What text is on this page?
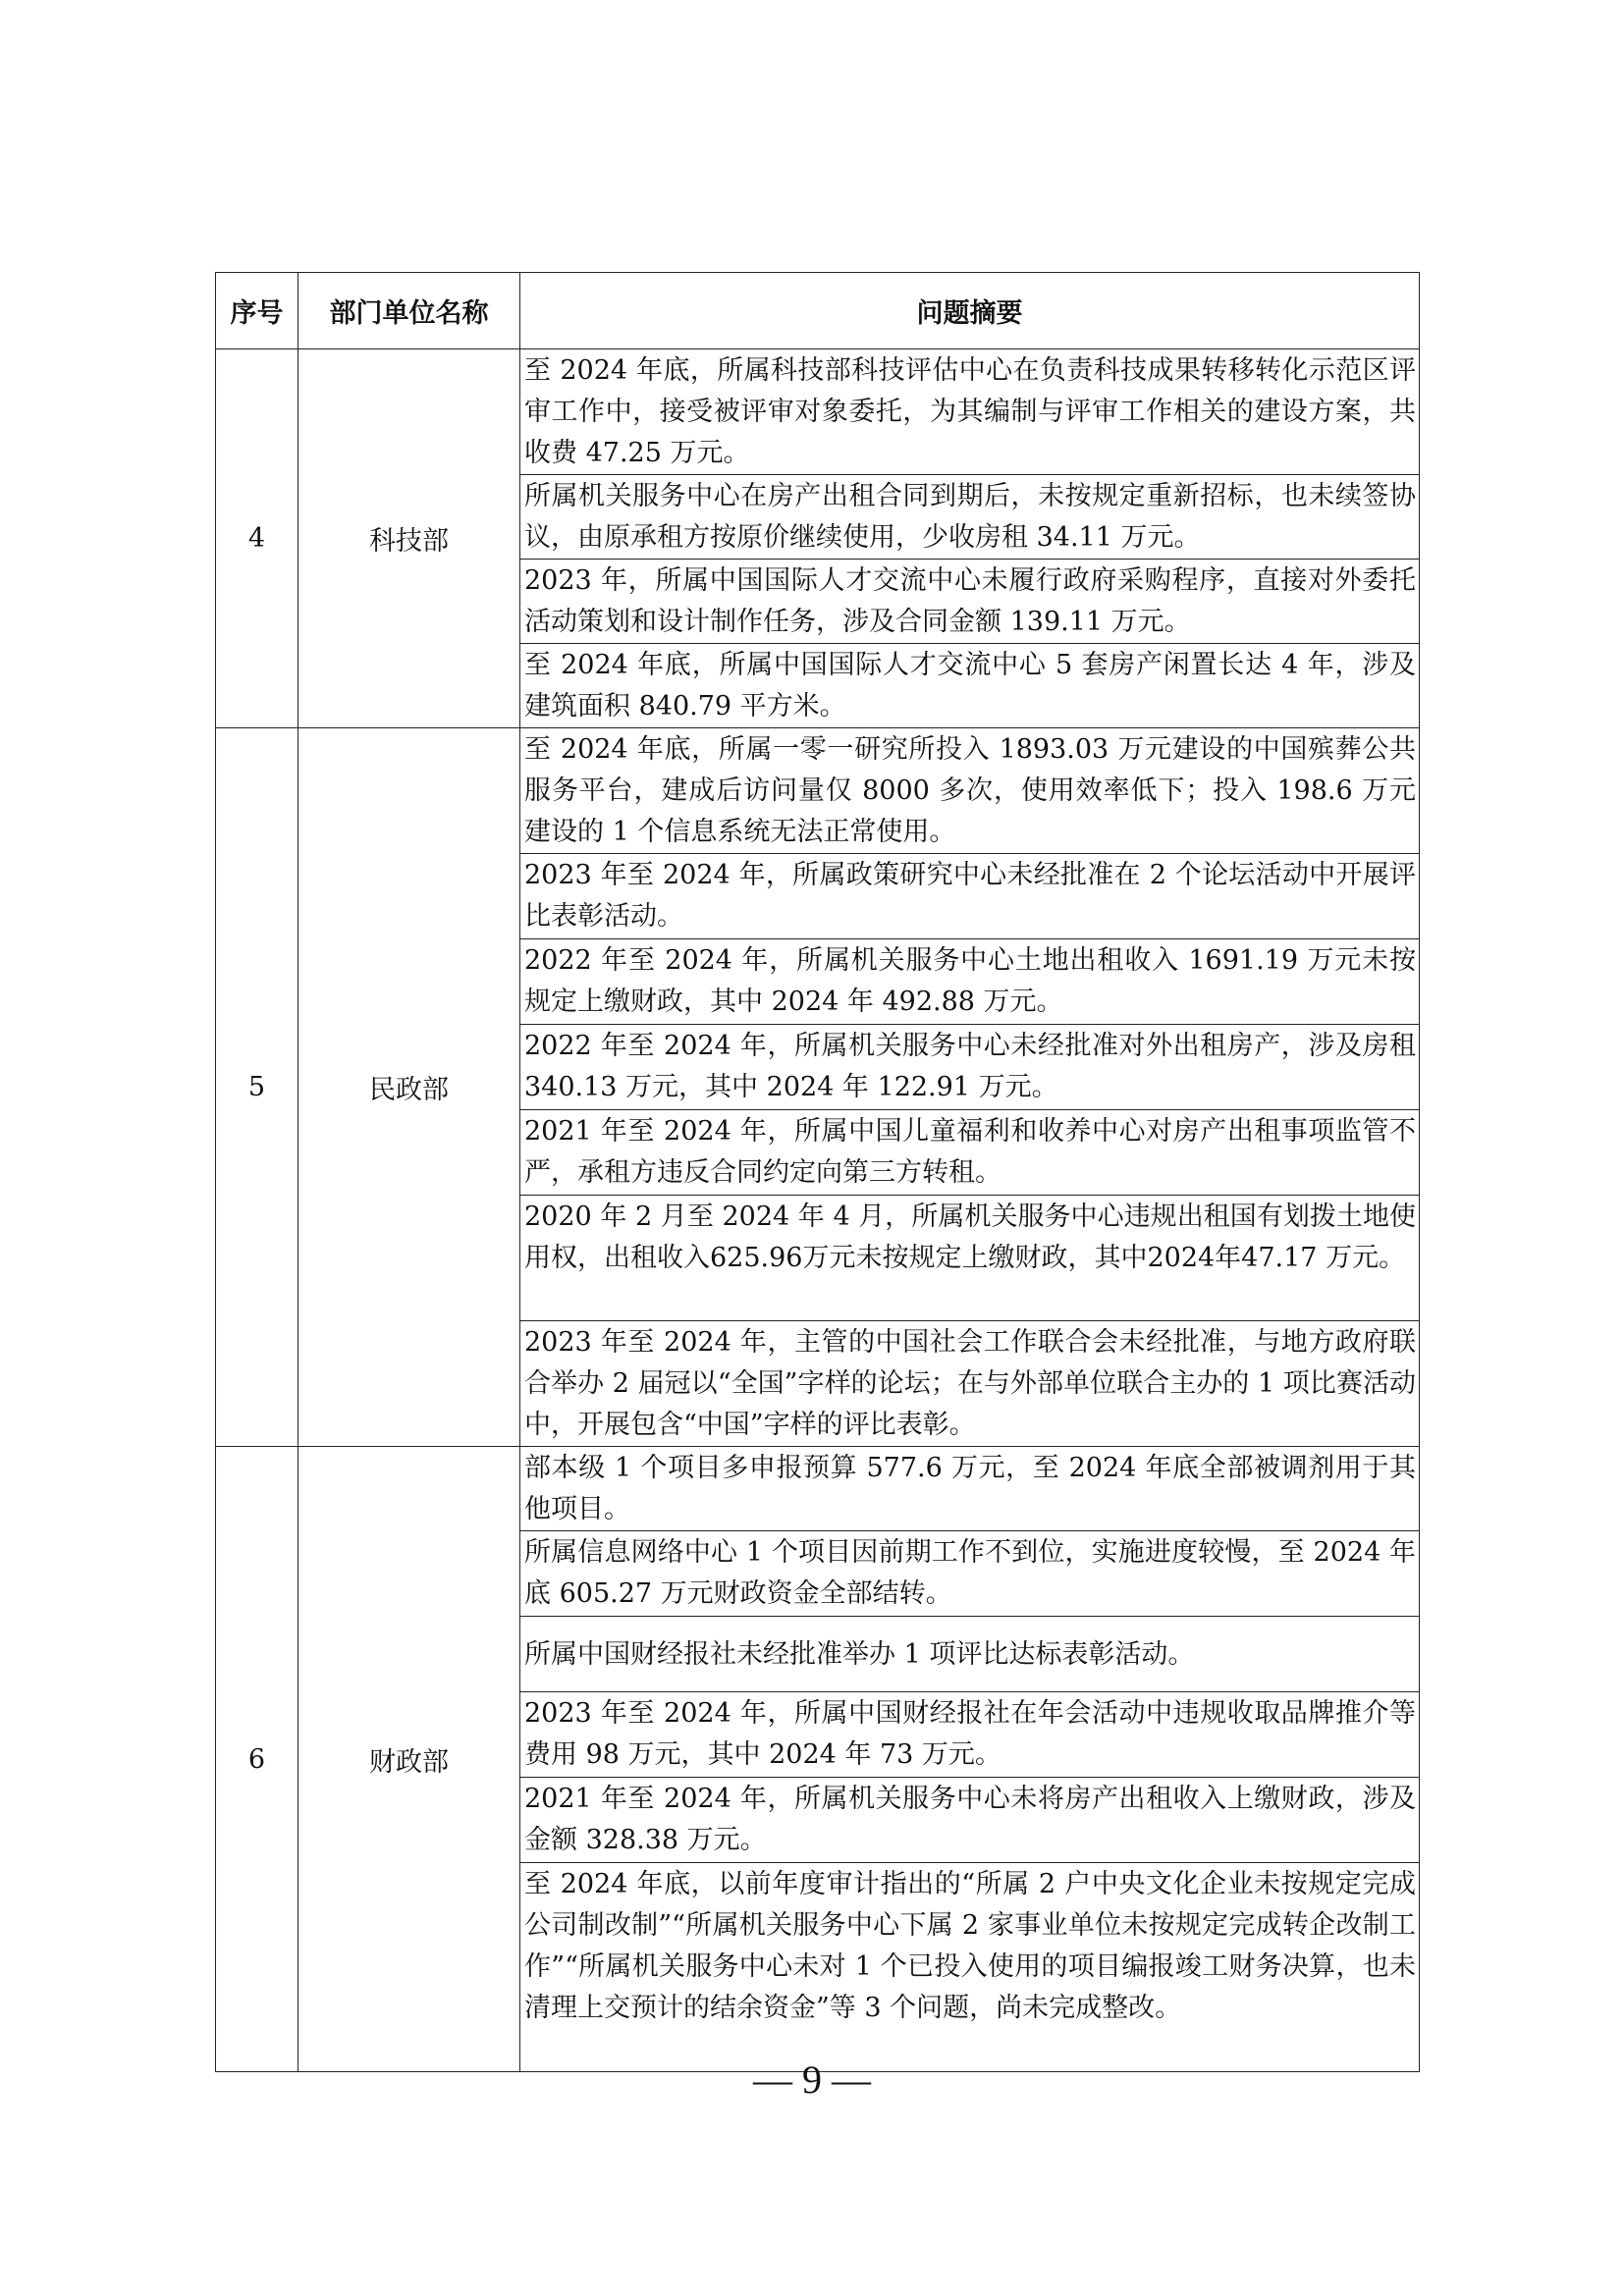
序号	部门单位名称	问题摘要
4	科技部	至 2024 年底，所属科技部科技评估中心在负责科技成果转移转化示范区评审工作中，接受被评审对象委托，为其编制与评审工作相关的建设方案，共收费 47.25 万元。
		所属机关服务中心在房产出租合同到期后，未按规定重新招标，也未续签协议，由原承租方按原价继续使用，少收房租 34.11 万元。
		2023 年，所属中国国际人才交流中心未履行政府采购程序，直接对外委托活动策划和设计制作任务，涉及合同金额 139.11 万元。
		至 2024 年底，所属中国国际人才交流中心 5 套房产闲置长达 4 年，涉及建筑面积 840.79 平方米。
5	民政部	至 2024 年底，所属一零一研究所投入 1893.03 万元建设的中国殡葬公共服务平台，建成后访问量仅 8000 多次，使用效率低下；投入 198.6 万元建设的 1 个信息系统无法正常使用。
		2023 年至 2024 年，所属政策研究中心未经批准在 2 个论坛活动中开展评比表彰活动。
		2022 年至 2024 年，所属机关服务中心土地出租收入 1691.19 万元未按规定上缴财政，其中 2024 年 492.88 万元。
		2022 年至 2024 年，所属机关服务中心未经批准对外出租房产，涉及房租 340.13 万元，其中 2024 年 122.91 万元。
		2021 年至 2024 年，所属中国儿童福利和收养中心对房产出租事项监管不严，承租方违反合同约定向第三方转租。
		2020 年 2 月至 2024 年 4 月，所属机关服务中心违规出租国有划拨土地使用权，出租收入625.96万元未按规定上缴财政，其中2024年47.17 万元。
		2023 年至 2024 年，主管的中国社会工作联合会未经批准，与地方政府联合举办 2 届冠以“全国”字样的论坛；在与外部单位联合主办的 1 项比赛活动中，开展包含“中国”字样的评比表彰。
6	财政部	部本级 1 个项目多申报预算 577.6 万元，至 2024 年底全部被调剂用于其他项目。
		所属信息网络中心 1 个项目因前期工作不到位，实施进度较慢，至 2024 年底 605.27 万元财政资金全部结转。
		所属中国财经报社未经批准举办 1 项评比达标表彰活动。
		2023 年至 2024 年，所属中国财经报社在年会活动中违规收取品牌推介等费用 98 万元，其中 2024 年 73 万元。
		2021 年至 2024 年，所属机关服务中心未将房产出租收入上缴财政，涉及金额 328.38 万元。
		至 2024 年底，以前年度审计指出的“所属 2 户中央文化企业未按规定完成公司制改制”“所属机关服务中心下属 2 家事业单位未按规定完成转企改制工作”“所属机关服务中心未对 1 个已投入使用的项目编报竣工财务决算，也未清理上交预计的结余资金”等 3 个问题，尚未完成整改。
— 9 —
